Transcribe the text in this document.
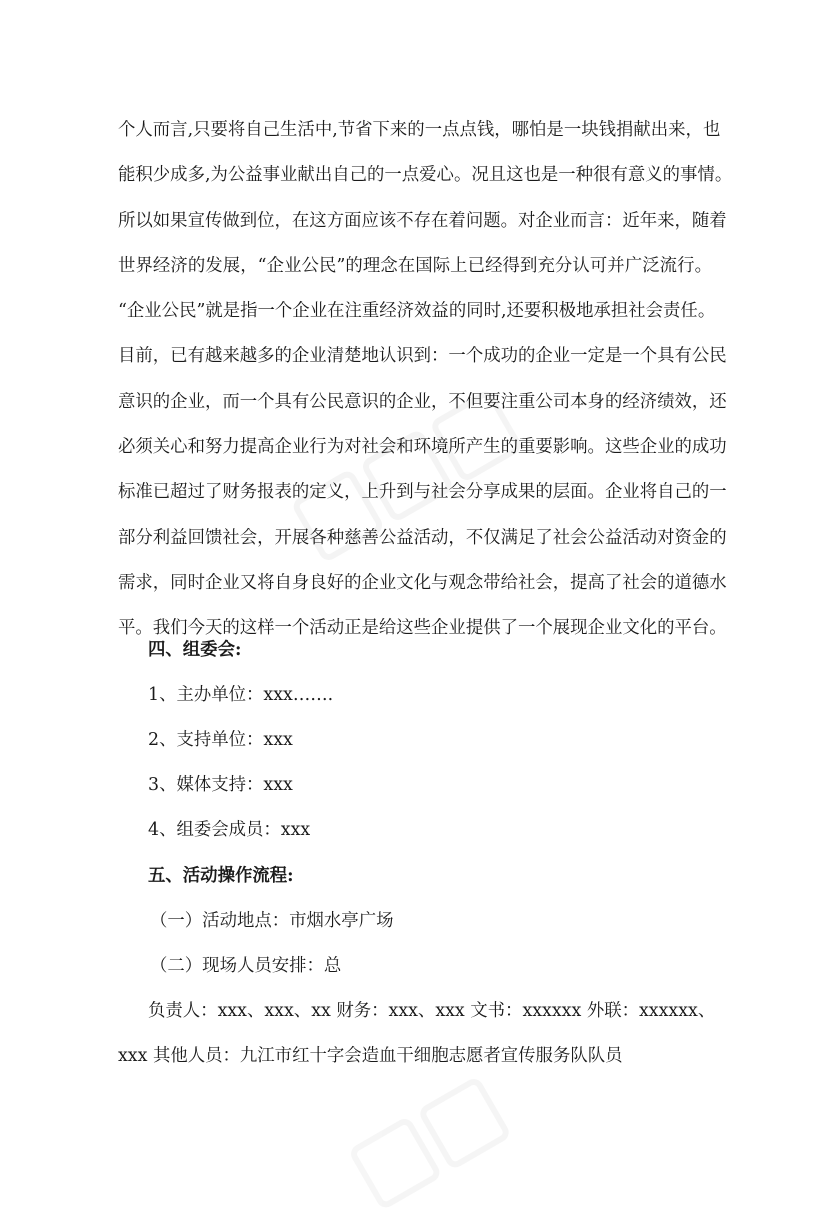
个人而言,只要将自己生活中,节省下来的一点点钱，哪怕是一块钱捐献出来，也
能积少成多,为公益事业献出自己的一点爱心。况且这也是一种很有意义的事情。
所以如果宣传做到位，在这方面应该不存在着问题。对企业而言：近年来，随着
世界经济的发展，“企业公民”的理念在国际上已经得到充分认可并广泛流行。
“企业公民”就是指一个企业在注重经济效益的同时,还要积极地承担社会责任。
目前，已有越来越多的企业清楚地认识到：一个成功的企业一定是一个具有公民
意识的企业，而一个具有公民意识的企业，不但要注重公司本身的经济绩效，还
必须关心和努力提高企业行为对社会和环境所产生的重要影响。这些企业的成功
标准已超过了财务报表的定义，上升到与社会分享成果的层面。企业将自己的一
部分利益回馈社会，开展各种慈善公益活动，不仅满足了社会公益活动对资金的
需求，同时企业又将自身良好的企业文化与观念带给社会，提高了社会的道德水
平。我们今天的这样一个活动正是给这些企业提供了一个展现企业文化的平台。

四、组委会:

1、主办单位：xxx…….

2、支持单位：xxx

3、媒体支持：xxx

4、组委会成员：xxx

五、活动操作流程:

（一）活动地点：市烟水亭广场

（二）现场人员安排：总

负责人：xxx、xxx、xx 财务：xxx、xxx 文书：xxxxxx 外联：xxxxxx、

xxx 其他人员：九江市红十字会造血干细胞志愿者宣传服务队队员
